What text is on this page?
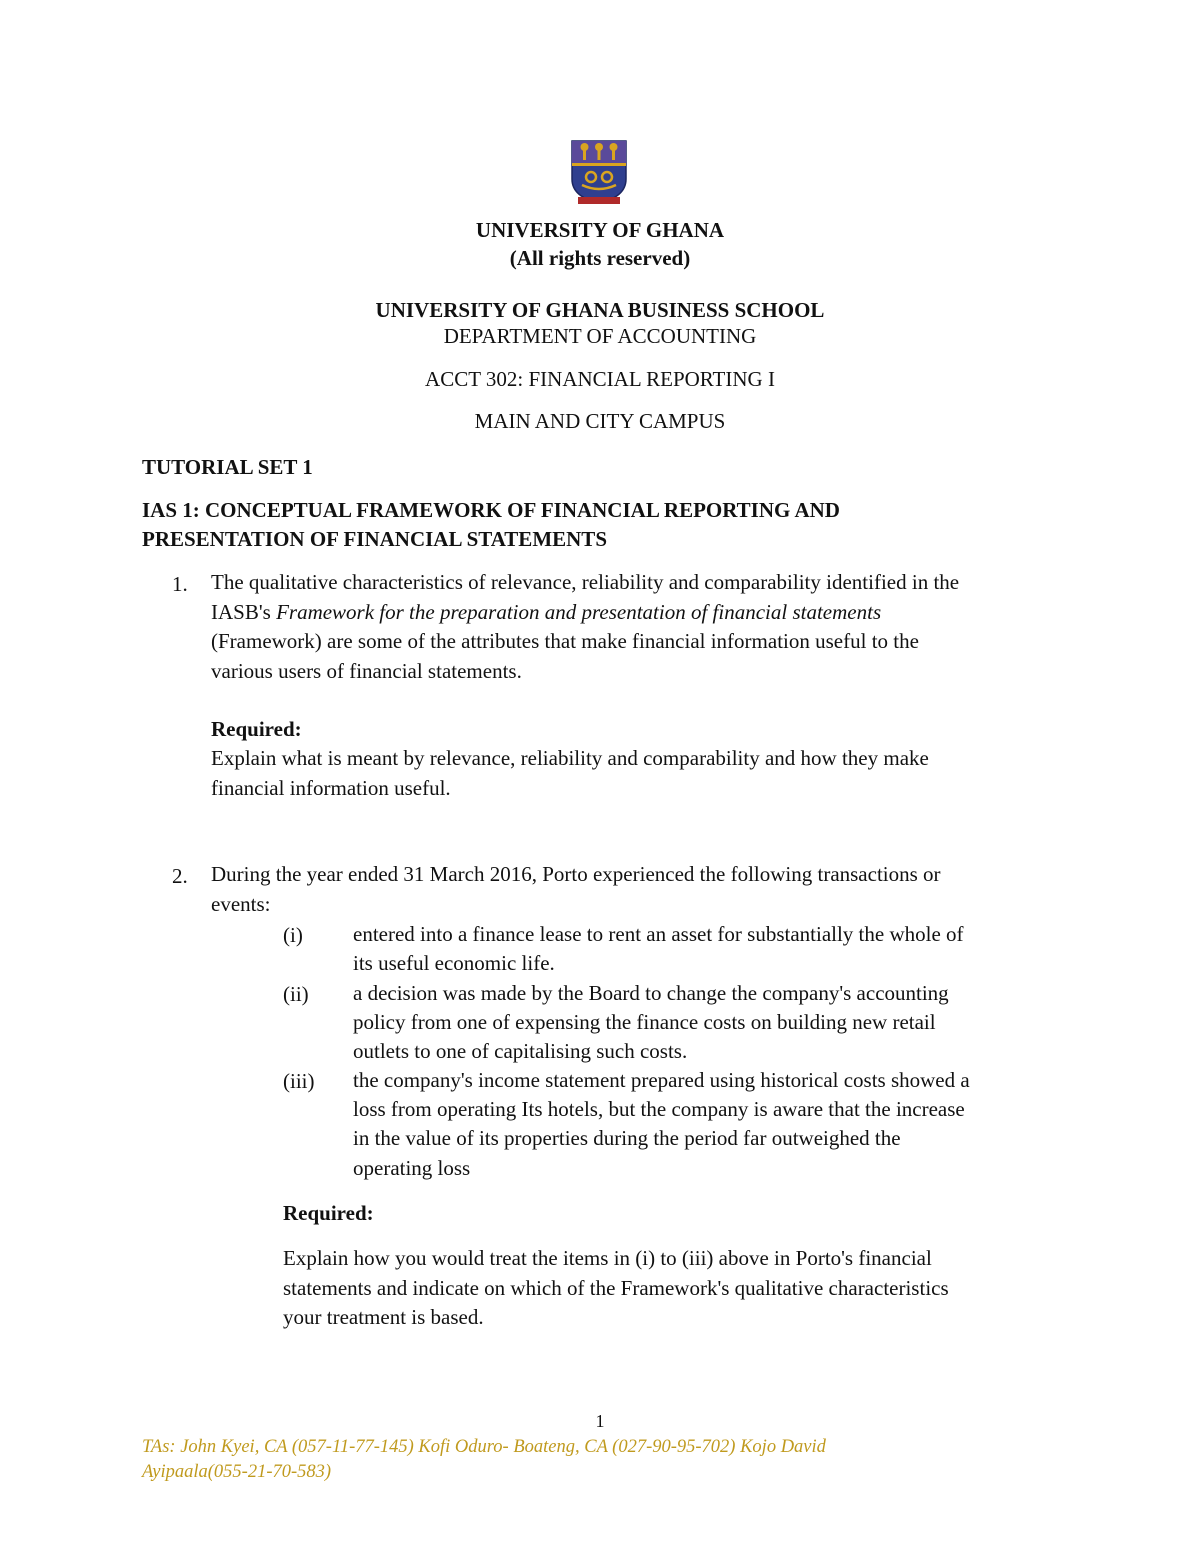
UNIVERSITY OF GHANA
(All rights reserved)
UNIVERSITY OF GHANA BUSINESS SCHOOL
DEPARTMENT OF ACCOUNTING
ACCT 302: FINANCIAL REPORTING I
MAIN AND CITY CAMPUS
TUTORIAL SET 1
IAS 1: CONCEPTUAL FRAMEWORK OF FINANCIAL REPORTING AND
PRESENTATION OF FINANCIAL STATEMENTS
1. The qualitative characteristics of relevance, reliability and comparability identified in the

IASB's Framework for the preparation and presentation of financial statements

(Framework) are some of the attributes that make financial information useful to the

various users of financial statements.

Required:

Explain what is meant by relevance, reliability and comparability and how they make

financial information useful.

2. During the year ended 31 March 2016, Porto experienced the following transactions or

events:

(i) entered into a finance lease to rent an asset for substantially the whole of

its useful economic life.

(ii) a decision was made by the Board to change the company's accounting

policy from one of expensing the finance costs on building new retail

outlets to one of capitalising such costs.

(iii) the company's income statement prepared using historical costs showed a

loss from operating Its hotels, but the company is aware that the increase

in the value of its properties during the period far outweighed the

operating loss

Required:

Explain how you would treat the items in (i) to (iii) above in Porto's financial

statements and indicate on which of the Framework's qualitative characteristics

your treatment is based.

1

TAs: John Kyei, CA (057-11-77-145) Kofi Oduro- Boateng, CA (027-90-95-702) Kojo David

Ayipaala(055-21-70-583)
